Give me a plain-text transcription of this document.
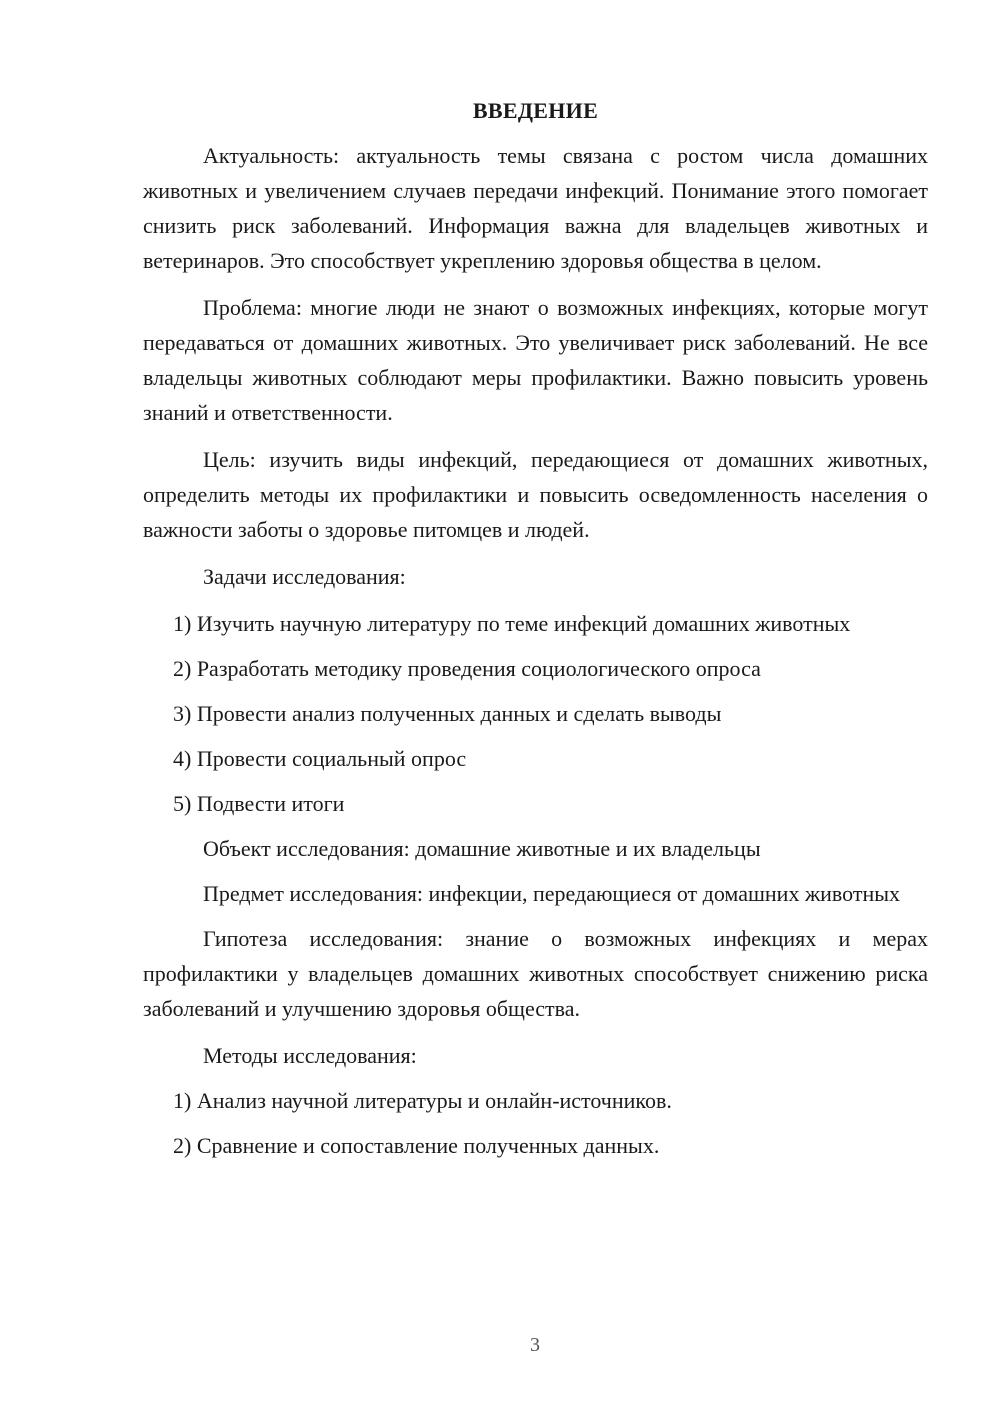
ВВЕДЕНИЕ

Актуальность: актуальность темы связана с ростом числа домашних животных и увеличением случаев передачи инфекций. Понимание этого помогает снизить риск заболеваний. Информация важна для владельцев животных и ветеринаров. Это способствует укреплению здоровья общества в целом.

Проблема: многие люди не знают о возможных инфекциях, которые могут передаваться от домашних животных. Это увеличивает риск заболеваний. Не все владельцы животных соблюдают меры профилактики. Важно повысить уровень знаний и ответственности.

Цель: изучить виды инфекций, передающиеся от домашних животных, определить методы их профилактики и повысить осведомленность населения о важности заботы о здоровье питомцев и людей.

Задачи исследования:

1) Изучить научную литературу по теме инфекций домашних животных

2) Разработать методику проведения социологического опроса

3) Провести анализ полученных данных и сделать выводы

4) Провести социальный опрос

5) Подвести итоги

Объект исследования: домашние животные и их владельцы

Предмет исследования: инфекции, передающиеся от домашних животных

Гипотеза исследования: знание о возможных инфекциях и мерах профилактики у владельцев домашних животных способствует снижению риска заболеваний и улучшению здоровья общества.

Методы исследования:

1) Анализ научной литературы и онлайн-источников.

2) Сравнение и сопоставление полученных данных.

3
